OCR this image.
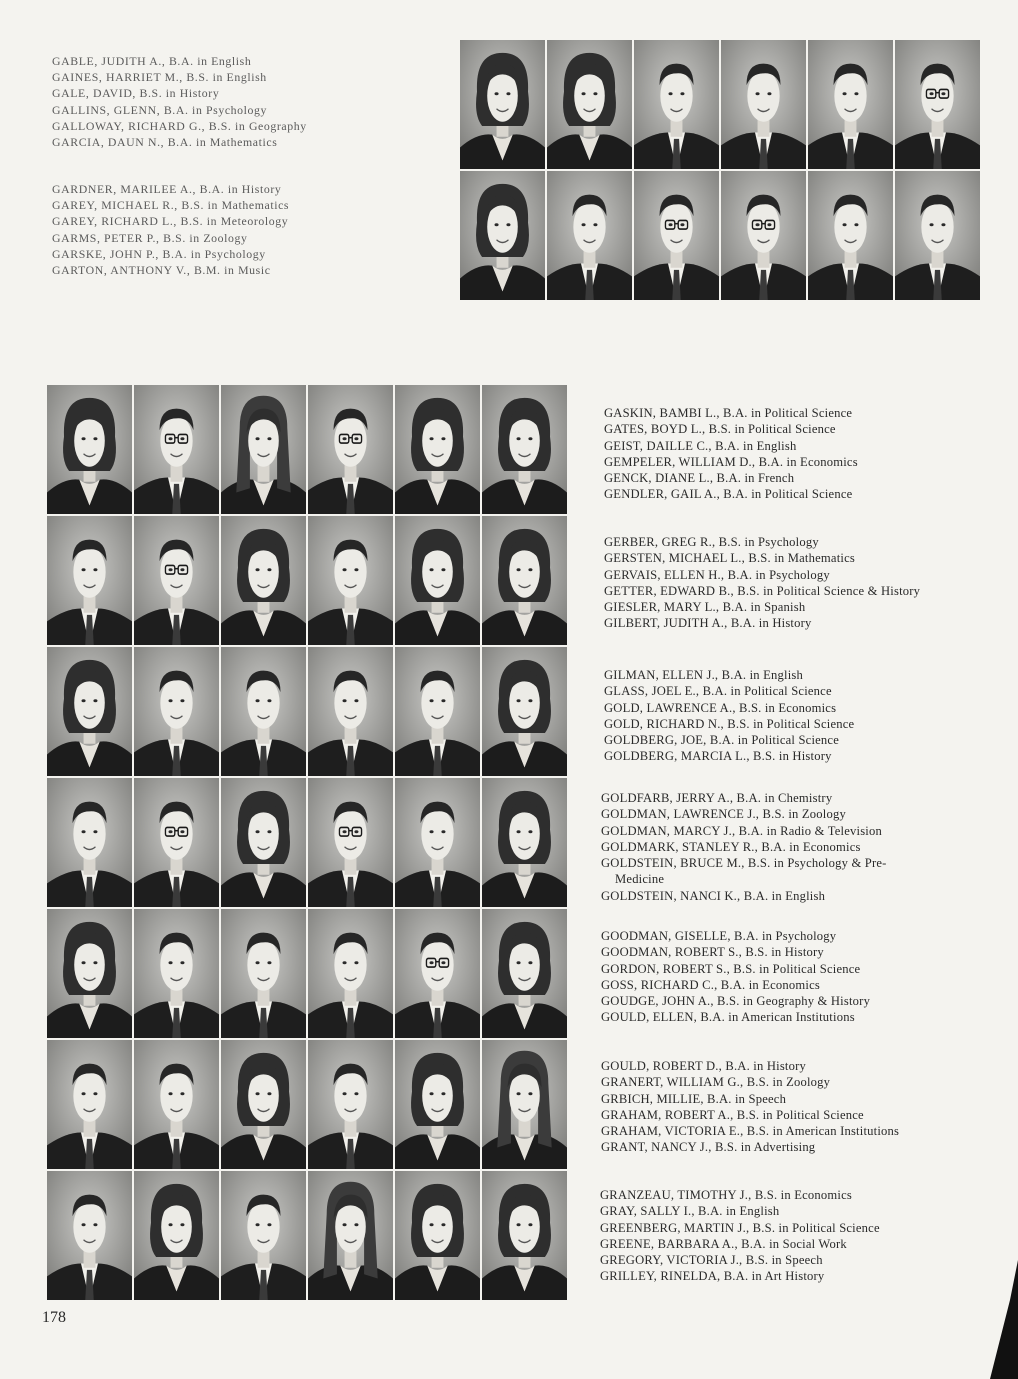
GABLE, JUDITH A., B.A. in English
GAINES, HARRIET M., B.S. in English
GALE, DAVID, B.S. in History
GALLINS, GLENN, B.A. in Psychology
GALLOWAY, RICHARD G., B.S. in Geography
GARCIA, DAUN N., B.A. in Mathematics
GARDNER, MARILEE A., B.A. in History
GAREY, MICHAEL R., B.S. in Mathematics
GAREY, RICHARD L., B.S. in Meteorology
GARMS, PETER P., B.S. in Zoology
GARSKE, JOHN P., B.A. in Psychology
GARTON, ANTHONY V., B.M. in Music
GASKIN, BAMBI L., B.A. in Political Science
GATES, BOYD L., B.S. in Political Science
GEIST, DAILLE C., B.A. in English
GEMPELER, WILLIAM D., B.A. in Economics
GENCK, DIANE L., B.A. in French
GENDLER, GAIL A., B.A. in Political Science
GERBER, GREG R., B.S. in Psychology
GERSTEN, MICHAEL L., B.S. in Mathematics
GERVAIS, ELLEN H., B.A. in Psychology
GETTER, EDWARD B., B.S. in Political Science & History
GIESLER, MARY L., B.A. in Spanish
GILBERT, JUDITH A., B.A. in History
GILMAN, ELLEN J., B.A. in English
GLASS, JOEL E., B.A. in Political Science
GOLD, LAWRENCE A., B.S. in Economics
GOLD, RICHARD N., B.S. in Political Science
GOLDBERG, JOE, B.A. in Political Science
GOLDBERG, MARCIA L., B.S. in History
GOLDFARB, JERRY A., B.A. in Chemistry
GOLDMAN, LAWRENCE J., B.S. in Zoology
GOLDMAN, MARCY J., B.A. in Radio & Television
GOLDMARK, STANLEY R., B.A. in Economics
GOLDSTEIN, BRUCE M., B.S. in Psychology & Pre-
Medicine
GOLDSTEIN, NANCI K., B.A. in English
GOODMAN, GISELLE, B.A. in Psychology
GOODMAN, ROBERT S., B.S. in History
GORDON, ROBERT S., B.S. in Political Science
GOSS, RICHARD C., B.A. in Economics
GOUDGE, JOHN A., B.S. in Geography & History
GOULD, ELLEN, B.A. in American Institutions
GOULD, ROBERT D., B.A. in History
GRANERT, WILLIAM G., B.S. in Zoology
GRBICH, MILLIE, B.A. in Speech
GRAHAM, ROBERT A., B.S. in Political Science
GRAHAM, VICTORIA E., B.S. in American Institutions
GRANT, NANCY J., B.S. in Advertising
GRANZEAU, TIMOTHY J., B.S. in Economics
GRAY, SALLY I., B.A. in English
GREENBERG, MARTIN J., B.S. in Political Science
GREENE, BARBARA A., B.A. in Social Work
GREGORY, VICTORIA J., B.S. in Speech
GRILLEY, RINELDA, B.A. in Art History
178
